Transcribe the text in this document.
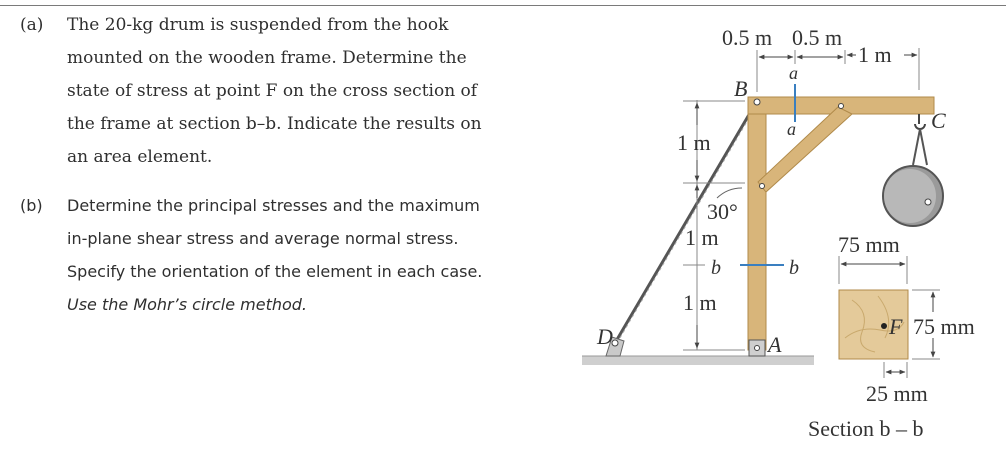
(a) The 20-kg drum is suspended from the hook
mounted on the wooden frame. Determine the
state of stress at point F on the cross section of
the frame at section b–b. Indicate the results on
an area element.
(b) Determine the principal stresses and the maximum
in-plane shear stress and average normal stress.
Specify the orientation of the element in each case.
Use the Mohr’s circle method.
a
a
b	b
B
C
D	A
0.5 m 0.5 m
1 m
1 m
1 m
1 m
30°
75 mm
F 75 mm
25 mm
Section b – b
